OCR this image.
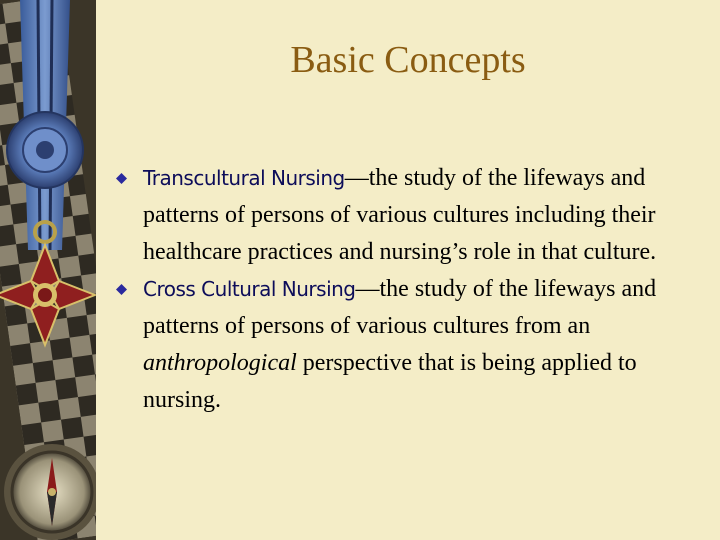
Basic Concepts
Transcultural Nursing—the study of the lifeways and patterns of persons of various cultures including their healthcare practices and nursing’s role in that culture.
Cross Cultural Nursing—the study of the lifeways and patterns of persons of various cultures from an anthropological perspective that is being applied to nursing.
